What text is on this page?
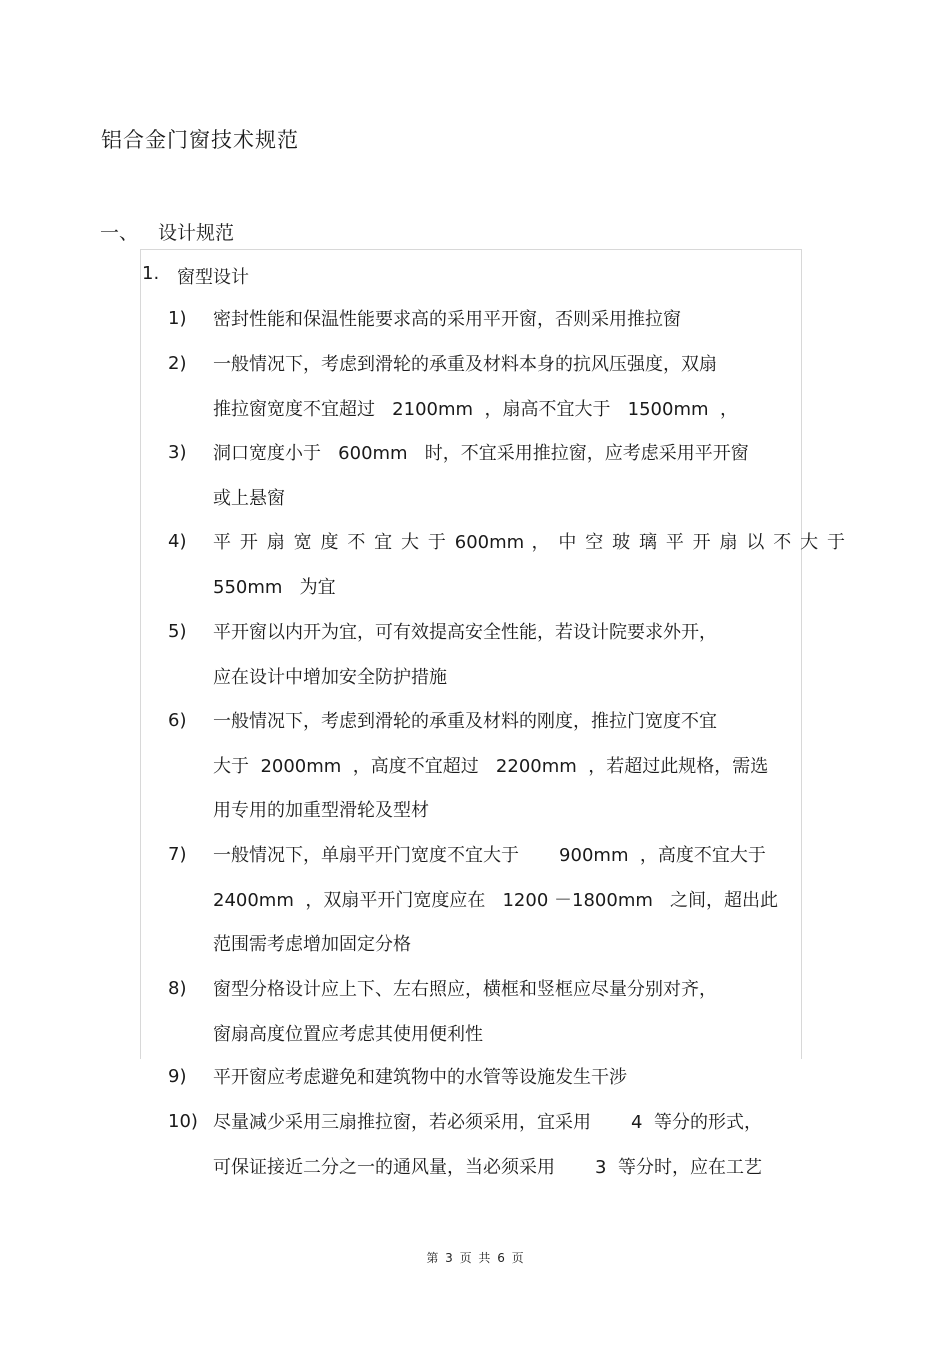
铝合金门窗技术规范
一、 设计规范
1. 窗型设计
1) 密封性能和保温性能要求高的采用平开窗，否则采用推拉窗
2) 一般情况下，考虑到滑轮的承重及材料本身的抗风压强度，双扇
推拉窗宽度不宜超过   2100mm  ，扇高不宜大于   1500mm  ，
3) 洞口宽度小于   600mm   时，不宜采用推拉窗，应考虑采用平开窗
或上悬窗
4) 平 开 扇 宽 度 不 宜 大 于 600mm ， 中 空 玻 璃 平 开 扇 以 不 大 于
550mm   为宜
5) 平开窗以内开为宜，可有效提高安全性能，若设计院要求外开，
应在设计中增加安全防护措施
6) 一般情况下，考虑到滑轮的承重及材料的刚度，推拉门宽度不宜
大于  2000mm  ，高度不宜超过   2200mm  ，若超过此规格，需选
用专用的加重型滑轮及型材
7) 一般情况下，单扇平开门宽度不宜大于       900mm  ，高度不宜大于
2400mm  ，双扇平开门宽度应在   1200 －1800mm   之间，超出此
范围需考虑增加固定分格
8) 窗型分格设计应上下、左右照应，横框和竖框应尽量分别对齐，
窗扇高度位置应考虑其使用便利性
9) 平开窗应考虑避免和建筑物中的水管等设施发生干涉
10) 尽量减少采用三扇推拉窗，若必须采用，宜采用       4  等分的形式，
可保证接近二分之一的通风量，当必须采用       3  等分时，应在工艺
第 3 页 共 6 页
